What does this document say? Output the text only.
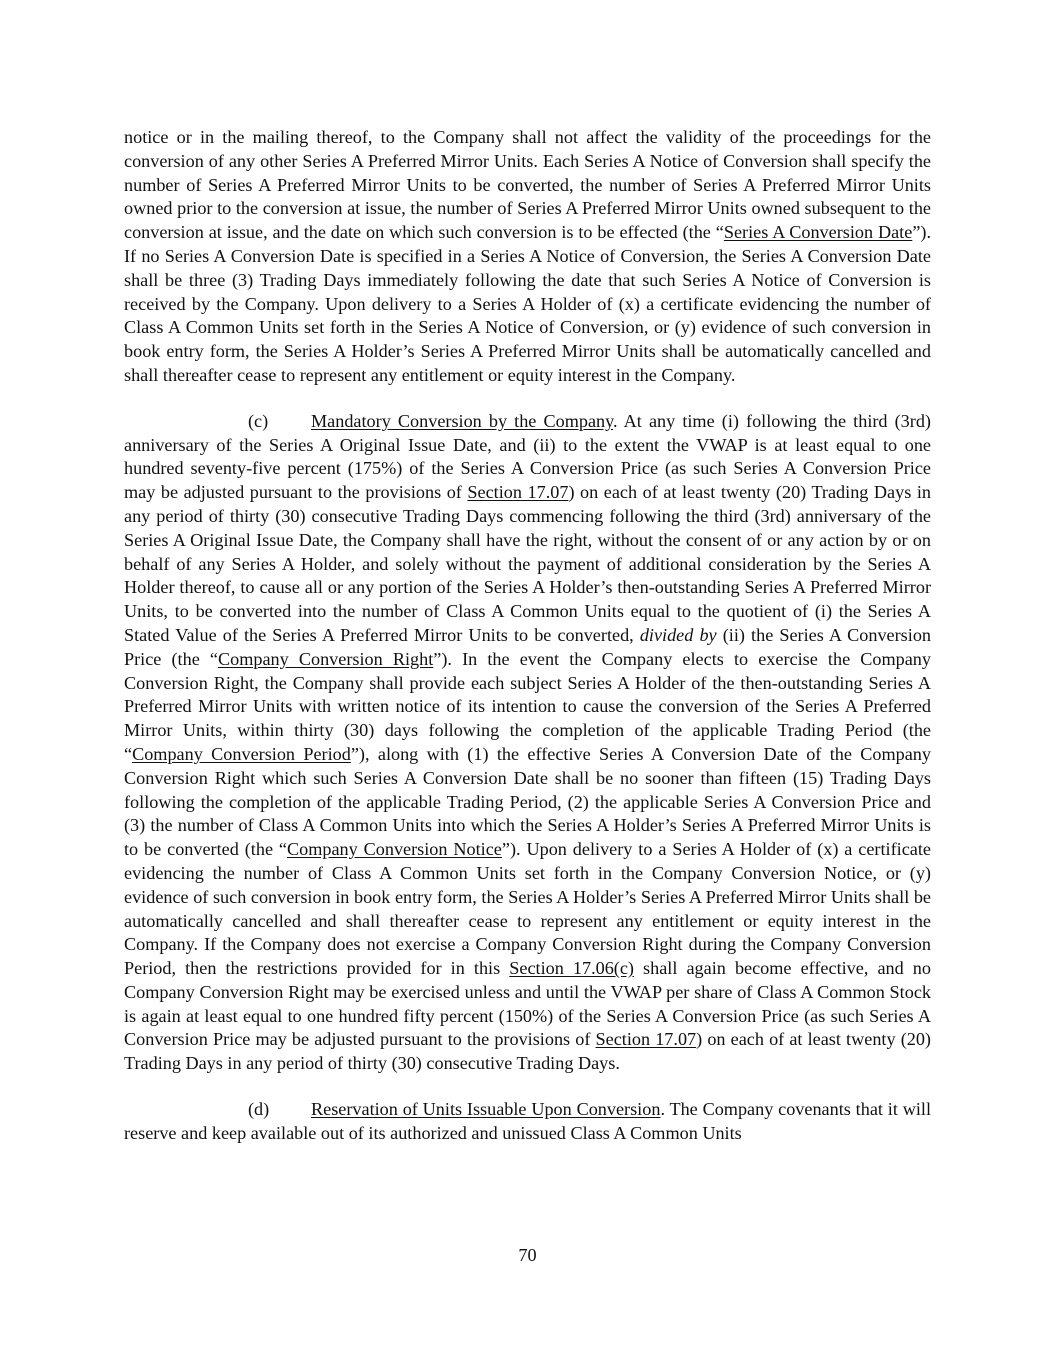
notice or in the mailing thereof, to the Company shall not affect the validity of the proceedings for the conversion of any other Series A Preferred Mirror Units. Each Series A Notice of Conversion shall specify the number of Series A Preferred Mirror Units to be converted, the number of Series A Preferred Mirror Units owned prior to the conversion at issue, the number of Series A Preferred Mirror Units owned subsequent to the conversion at issue, and the date on which such conversion is to be effected (the “Series A Conversion Date”). If no Series A Conversion Date is specified in a Series A Notice of Conversion, the Series A Conversion Date shall be three (3) Trading Days immediately following the date that such Series A Notice of Conversion is received by the Company. Upon delivery to a Series A Holder of (x) a certificate evidencing the number of Class A Common Units set forth in the Series A Notice of Conversion, or (y) evidence of such conversion in book entry form, the Series A Holder’s Series A Preferred Mirror Units shall be automatically cancelled and shall thereafter cease to represent any entitlement or equity interest in the Company.

(c) Mandatory Conversion by the Company. At any time (i) following the third (3rd) anniversary of the Series A Original Issue Date, and (ii) to the extent the VWAP is at least equal to one hundred seventy-five percent (175%) of the Series A Conversion Price (as such Series A Conversion Price may be adjusted pursuant to the provisions of Section 17.07) on each of at least twenty (20) Trading Days in any period of thirty (30) consecutive Trading Days commencing following the third (3rd) anniversary of the Series A Original Issue Date, the Company shall have the right, without the consent of or any action by or on behalf of any Series A Holder, and solely without the payment of additional consideration by the Series A Holder thereof, to cause all or any portion of the Series A Holder’s then-outstanding Series A Preferred Mirror Units, to be converted into the number of Class A Common Units equal to the quotient of (i) the Series A Stated Value of the Series A Preferred Mirror Units to be converted, divided by (ii) the Series A Conversion Price (the “Company Conversion Right”). In the event the Company elects to exercise the Company Conversion Right, the Company shall provide each subject Series A Holder of the then-outstanding Series A Preferred Mirror Units with written notice of its intention to cause the conversion of the Series A Preferred Mirror Units, within thirty (30) days following the completion of the applicable Trading Period (the “Company Conversion Period”), along with (1) the effective Series A Conversion Date of the Company Conversion Right which such Series A Conversion Date shall be no sooner than fifteen (15) Trading Days following the completion of the applicable Trading Period, (2) the applicable Series A Conversion Price and (3) the number of Class A Common Units into which the Series A Holder’s Series A Preferred Mirror Units is to be converted (the “Company Conversion Notice”). Upon delivery to a Series A Holder of (x) a certificate evidencing the number of Class A Common Units set forth in the Company Conversion Notice, or (y) evidence of such conversion in book entry form, the Series A Holder’s Series A Preferred Mirror Units shall be automatically cancelled and shall thereafter cease to represent any entitlement or equity interest in the Company. If the Company does not exercise a Company Conversion Right during the Company Conversion Period, then the restrictions provided for in this Section 17.06(c) shall again become effective, and no Company Conversion Right may be exercised unless and until the VWAP per share of Class A Common Stock is again at least equal to one hundred fifty percent (150%) of the Series A Conversion Price (as such Series A Conversion Price may be adjusted pursuant to the provisions of Section 17.07) on each of at least twenty (20) Trading Days in any period of thirty (30) consecutive Trading Days.

(d) Reservation of Units Issuable Upon Conversion. The Company covenants that it will reserve and keep available out of its authorized and unissued Class A Common Units

70
